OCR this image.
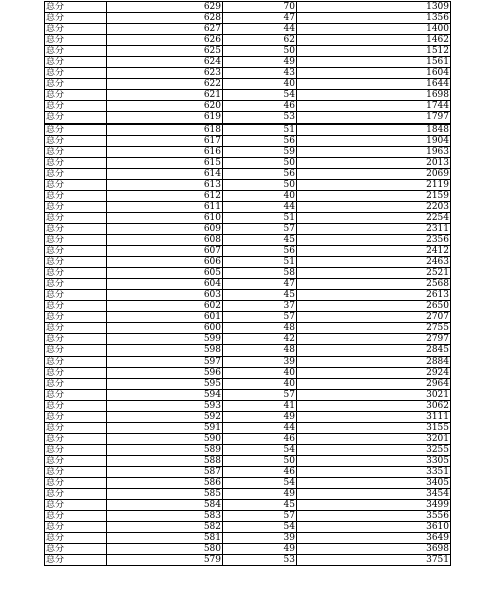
总分	629	70	1309
总分	628	47	1356
总分	627	44	1400
总分	626	62	1462
总分	625	50	1512
总分	624	49	1561
总分	623	43	1604
总分	622	40	1644
总分	621	54	1698
总分	620	46	1744
总分	619	53	1797
总分	618	51	1848
总分	617	56	1904
总分	616	59	1963
总分	615	50	2013
总分	614	56	2069
总分	613	50	2119
总分	612	40	2159
总分	611	44	2203
总分	610	51	2254
总分	609	57	2311
总分	608	45	2356
总分	607	56	2412
总分	606	51	2463
总分	605	58	2521
总分	604	47	2568
总分	603	45	2613
总分	602	37	2650
总分	601	57	2707
总分	600	48	2755
总分	599	42	2797
总分	598	48	2845
总分	597	39	2884
总分	596	40	2924
总分	595	40	2964
总分	594	57	3021
总分	593	41	3062
总分	592	49	3111
总分	591	44	3155
总分	590	46	3201
总分	589	54	3255
总分	588	50	3305
总分	587	46	3351
总分	586	54	3405
总分	585	49	3454
总分	584	45	3499
总分	583	57	3556
总分	582	54	3610
总分	581	39	3649
总分	580	49	3698
总分	579	53	3751
